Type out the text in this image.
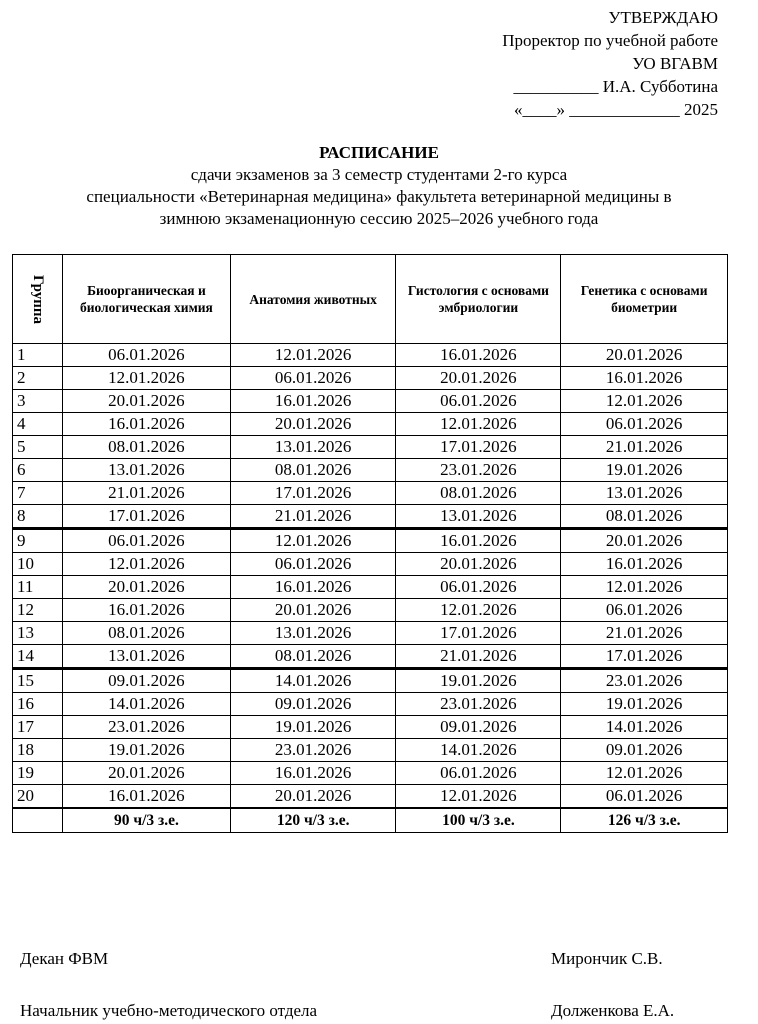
УТВЕРЖДАЮ
Проректор по учебной работе
УО ВГАВМ
__________ И.А. Субботина
«____» _____________ 2025
РАСПИСАНИЕ
сдачи экзаменов за 3 семестр студентами 2-го курса
специальности «Ветеринарная медицина» факультета ветеринарной медицины в
зимнюю экзаменационную сессию 2025–2026 учебного года
Группа	Биоорганическая и биологическая химия	Анатомия животных	Гистология с основами эмбриологии	Генетика с основами биометрии
1	06.01.2026	12.01.2026	16.01.2026	20.01.2026
2	12.01.2026	06.01.2026	20.01.2026	16.01.2026
3	20.01.2026	16.01.2026	06.01.2026	12.01.2026
4	16.01.2026	20.01.2026	12.01.2026	06.01.2026
5	08.01.2026	13.01.2026	17.01.2026	21.01.2026
6	13.01.2026	08.01.2026	23.01.2026	19.01.2026
7	21.01.2026	17.01.2026	08.01.2026	13.01.2026
8	17.01.2026	21.01.2026	13.01.2026	08.01.2026
9	06.01.2026	12.01.2026	16.01.2026	20.01.2026
10	12.01.2026	06.01.2026	20.01.2026	16.01.2026
11	20.01.2026	16.01.2026	06.01.2026	12.01.2026
12	16.01.2026	20.01.2026	12.01.2026	06.01.2026
13	08.01.2026	13.01.2026	17.01.2026	21.01.2026
14	13.01.2026	08.01.2026	21.01.2026	17.01.2026
15	09.01.2026	14.01.2026	19.01.2026	23.01.2026
16	14.01.2026	09.01.2026	23.01.2026	19.01.2026
17	23.01.2026	19.01.2026	09.01.2026	14.01.2026
18	19.01.2026	23.01.2026	14.01.2026	09.01.2026
19	20.01.2026	16.01.2026	06.01.2026	12.01.2026
20	16.01.2026	20.01.2026	12.01.2026	06.01.2026
	90 ч/3 з.е.	120 ч/3 з.е.	100 ч/3 з.е.	126 ч/3 з.е.
Декан ФВМ	Мирончик С.В.
Начальник учебно-методического отдела	Долженкова Е.А.
